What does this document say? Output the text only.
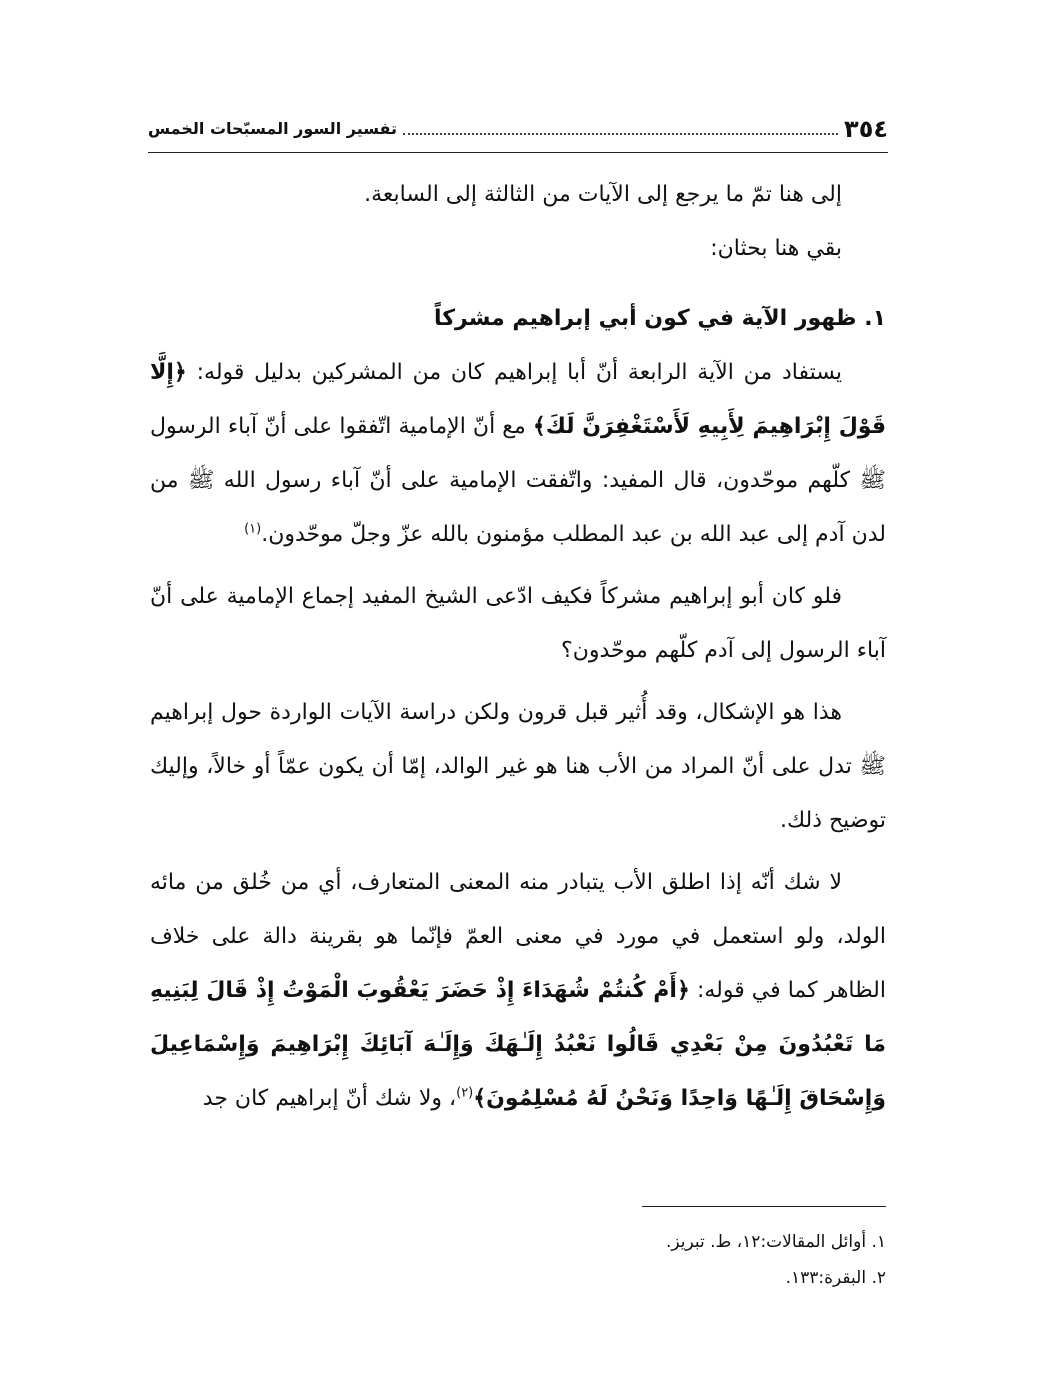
٣٥٤
تفسير السور المسبّحات الخمس

إلى هنا تمّ ما يرجع إلى الآيات من الثالثة إلى السابعة.

بقي هنا بحثان:

١. ظهور الآية في كون أبي إبراهيم مشركاً

يستفاد من الآية الرابعة أنّ أبا إبراهيم كان من المشركين بدليل قوله: ﴿إِلَّا قَوْلَ إِبْرَاهِيمَ لِأَبِيهِ لَأَسْتَغْفِرَنَّ لَكَ﴾ مع أنّ الإمامية اتّفقوا على أنّ آباء الرسول ﷺ كلّهم موحّدون، قال المفيد: واتّفقت الإمامية على أنّ آباء رسول الله ﷺ من لدن آدم إلى عبد الله بن عبد المطلب مؤمنون بالله عزّ وجلّ موحّدون.$^{(١)}$

فلو كان أبو إبراهيم مشركاً فكيف ادّعى الشيخ المفيد إجماع الإمامية على أنّ آباء الرسول إلى آدم كلّهم موحّدون؟

هذا هو الإشكال، وقد أُثير قبل قرون ولكن دراسة الآيات الواردة حول إبراهيم ﷺ تدل على أنّ المراد من الأب هنا هو غير الوالد، إمّا أن يكون عمّاً أو خالاً، وإليك توضيح ذلك.

لا شك أنّه إذا اطلق الأب يتبادر منه المعنى المتعارف، أي من خُلق من مائه الولد، ولو استعمل في مورد في معنى العمّ فإنّما هو بقرينة دالة على خلاف الظاهر كما في قوله: ﴿أَمْ كُنتُمْ شُهَدَاءَ إِذْ حَضَرَ يَعْقُوبَ الْمَوْتُ إِذْ قَالَ لِبَنِيهِ مَا تَعْبُدُونَ مِنْ بَعْدِي قَالُوا نَعْبُدُ إِلَـٰهَكَ وَإِلَـٰهَ آبَائِكَ إِبْرَاهِيمَ وَإِسْمَاعِيلَ وَإِسْحَاقَ إِلَـٰهًا وَاحِدًا وَنَحْنُ لَهُ مُسْلِمُونَ﴾$^{(٢)}$، ولا شك أنّ إبراهيم كان جد

١. أوائل المقالات:١٢، ط. تبريز.
٢. البقرة:١٣٣.
